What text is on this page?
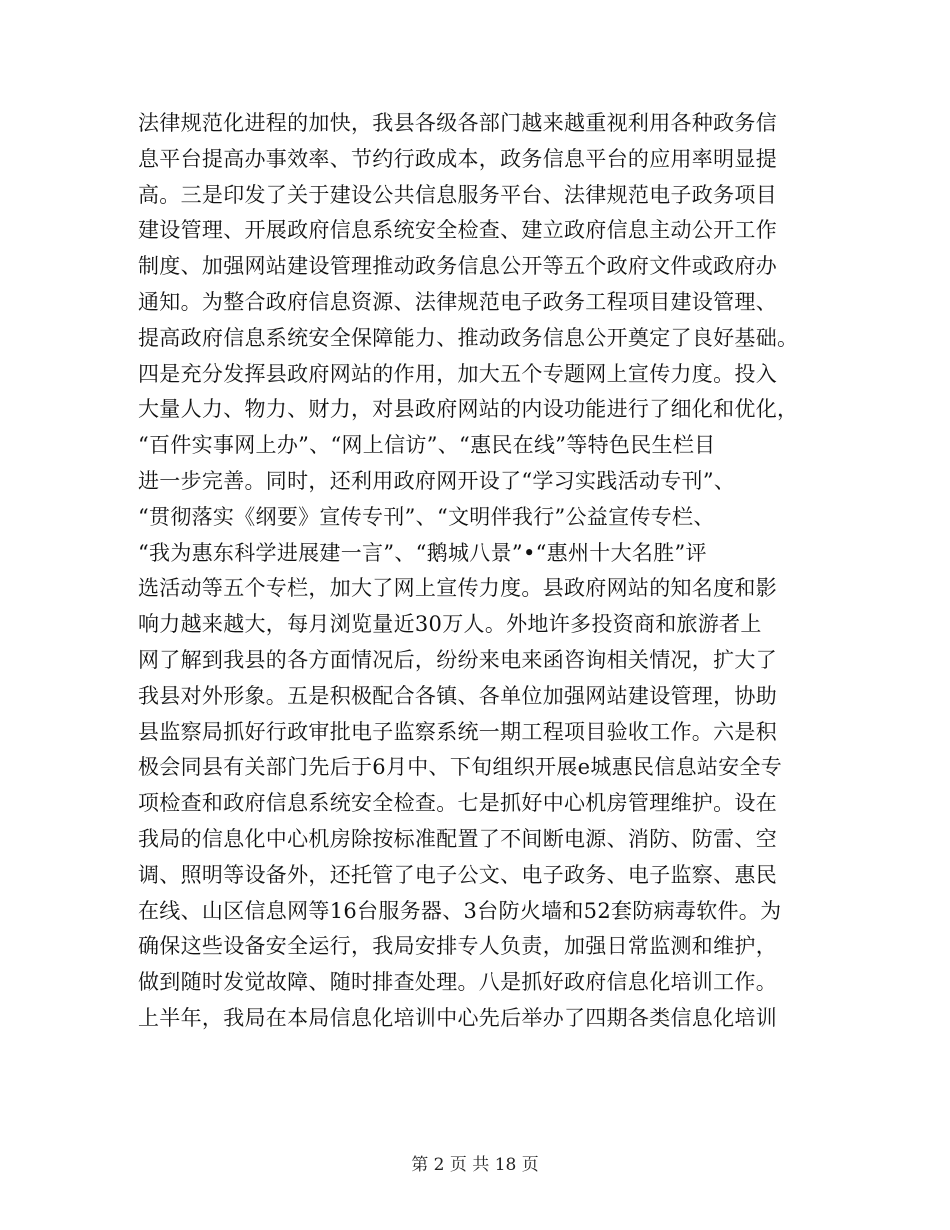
法律规范化进程的加快，我县各级各部门越来越重视利用各种政务信
息平台提高办事效率、节约行政成本，政务信息平台的应用率明显提
高。三是印发了关于建设公共信息服务平台、法律规范电子政务项目
建设管理、开展政府信息系统安全检查、建立政府信息主动公开工作
制度、加强网站建设管理推动政务信息公开等五个政府文件或政府办
通知。为整合政府信息资源、法律规范电子政务工程项目建设管理、
提高政府信息系统安全保障能力、推动政务信息公开奠定了良好基础。
四是充分发挥县政府网站的作用，加大五个专题网上宣传力度。投入
大量人力、物力、财力，对县政府网站的内设功能进行了细化和优化，
“百件实事网上办”、“网上信访”、“惠民在线”等特色民生栏目
进一步完善。同时，还利用政府网开设了“学习实践活动专刊”、
“贯彻落实《纲要》宣传专刊”、“文明伴我行”公益宣传专栏、
“我为惠东科学进展建一言”、“鹅城八景”•“惠州十大名胜”评
选活动等五个专栏，加大了网上宣传力度。县政府网站的知名度和影
响力越来越大，每月浏览量近30万人。外地许多投资商和旅游者上
网了解到我县的各方面情况后，纷纷来电来函咨询相关情况，扩大了
我县对外形象。五是积极配合各镇、各单位加强网站建设管理，协助
县监察局抓好行政审批电子监察系统一期工程项目验收工作。六是积
极会同县有关部门先后于6月中、下旬组织开展e城惠民信息站安全专
项检查和政府信息系统安全检查。七是抓好中心机房管理维护。设在
我局的信息化中心机房除按标准配置了不间断电源、消防、防雷、空
调、照明等设备外，还托管了电子公文、电子政务、电子监察、惠民
在线、山区信息网等16台服务器、3台防火墙和52套防病毒软件。为
确保这些设备安全运行，我局安排专人负责，加强日常监测和维护，
做到随时发觉故障、随时排查处理。八是抓好政府信息化培训工作。
上半年，我局在本局信息化培训中心先后举办了四期各类信息化培训
第 2 页 共 18 页
